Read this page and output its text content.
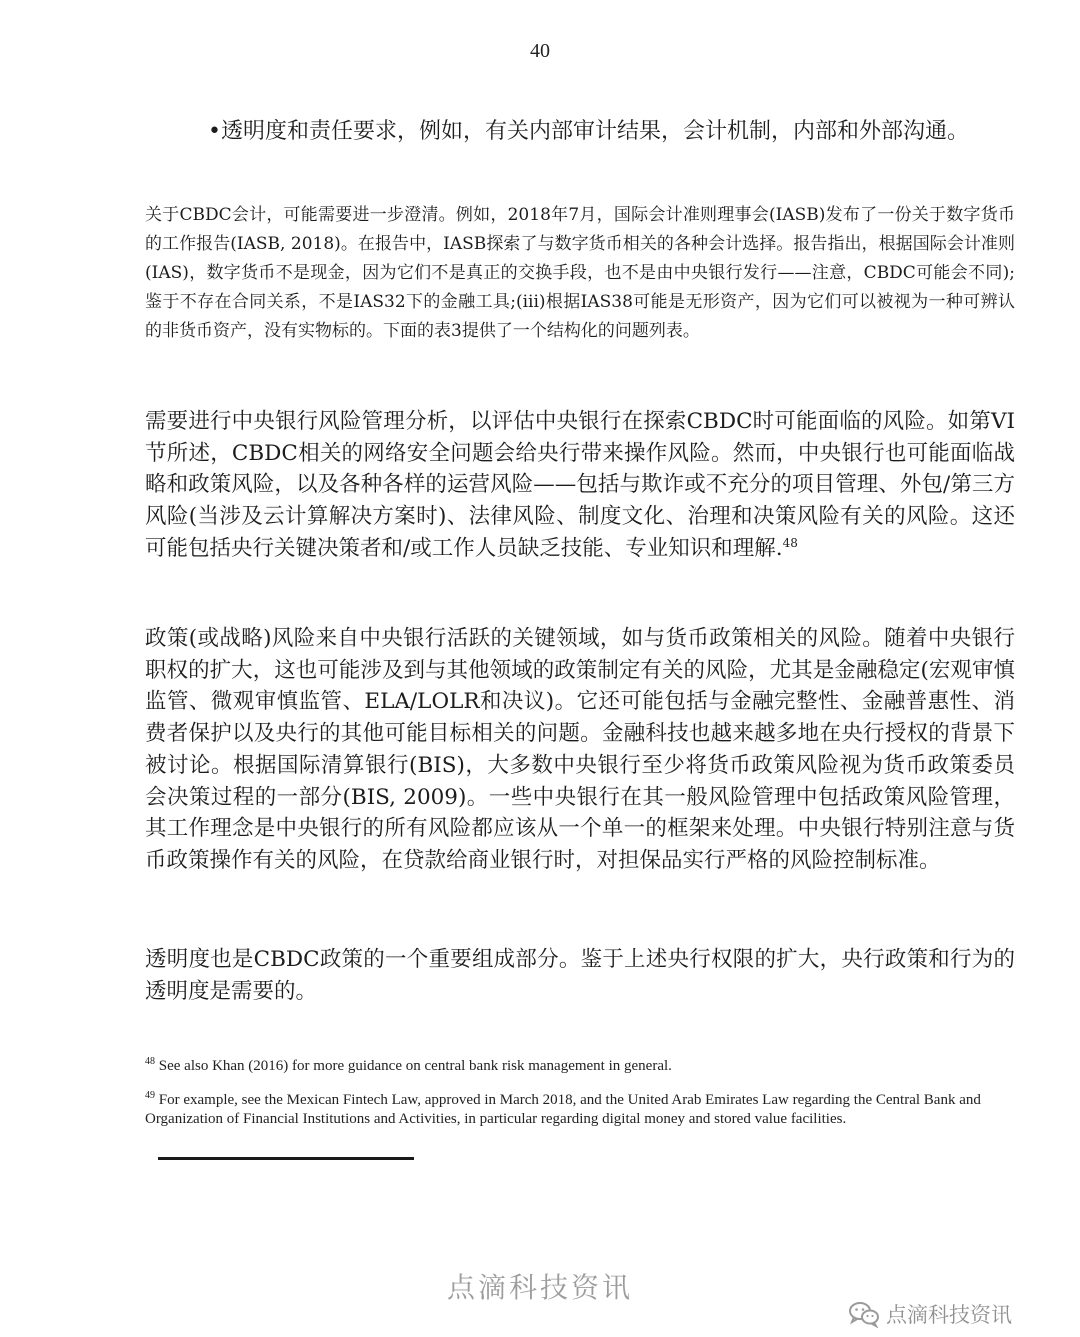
40
•透明度和责任要求，例如，有关内部审计结果，会计机制，内部和外部沟通。

关于CBDC会计，可能需要进一步澄清。例如，2018年7月，国际会计准则理事会(IASB)发布了一份关于数字货币的工作报告(IASB, 2018)。在报告中，IASB探索了与数字货币相关的各种会计选择。报告指出，根据国际会计准则(IAS)，数字货币不是现金，因为它们不是真正的交换手段，也不是由中央银行发行——注意，CBDC可能会不同);鉴于不存在合同关系，不是IAS32下的金融工具;(iii)根据IAS38可能是无形资产，因为它们可以被视为一种可辨认的非货币资产，没有实物标的。下面的表3提供了一个结构化的问题列表。

需要进行中央银行风险管理分析，以评估中央银行在探索CBDC时可能面临的风险。如第VI节所述，CBDC相关的网络安全问题会给央行带来操作风险。然而，中央银行也可能面临战略和政策风险，以及各种各样的运营风险——包括与欺诈或不充分的项目管理、外包/第三方风险(当涉及云计算解决方案时)、法律风险、制度文化、治理和决策风险有关的风险。这还可能包括央行关键决策者和/或工作人员缺乏技能、专业知识和理解.$^{48}$

政策(或战略)风险来自中央银行活跃的关键领域，如与货币政策相关的风险。随着中央银行职权的扩大，这也可能涉及到与其他领域的政策制定有关的风险，尤其是金融稳定(宏观审慎监管、微观审慎监管、ELA/LOLR和决议)。它还可能包括与金融完整性、金融普惠性、消费者保护以及央行的其他可能目标相关的问题。金融科技也越来越多地在央行授权的背景下被讨论。根据国际清算银行(BIS)，大多数中央银行至少将货币政策风险视为货币政策委员会决策过程的一部分(BIS, 2009)。一些中央银行在其一般风险管理中包括政策风险管理，其工作理念是中央银行的所有风险都应该从一个单一的框架来处理。中央银行特别注意与货币政策操作有关的风险，在贷款给商业银行时，对担保品实行严格的风险控制标准。

透明度也是CBDC政策的一个重要组成部分。鉴于上述央行权限的扩大，央行政策和行为的透明度是需要的。

$^{48}$ See also Khan (2016) for more guidance on central bank risk management in general.

$^{49}$ For example, see the Mexican Fintech Law, approved in March 2018, and the United Arab Emirates Law regarding the Central Bank and Organization of Financial Institutions and Activities, in particular regarding digital money and stored value facilities.

点滴科技资讯
点滴科技资讯
